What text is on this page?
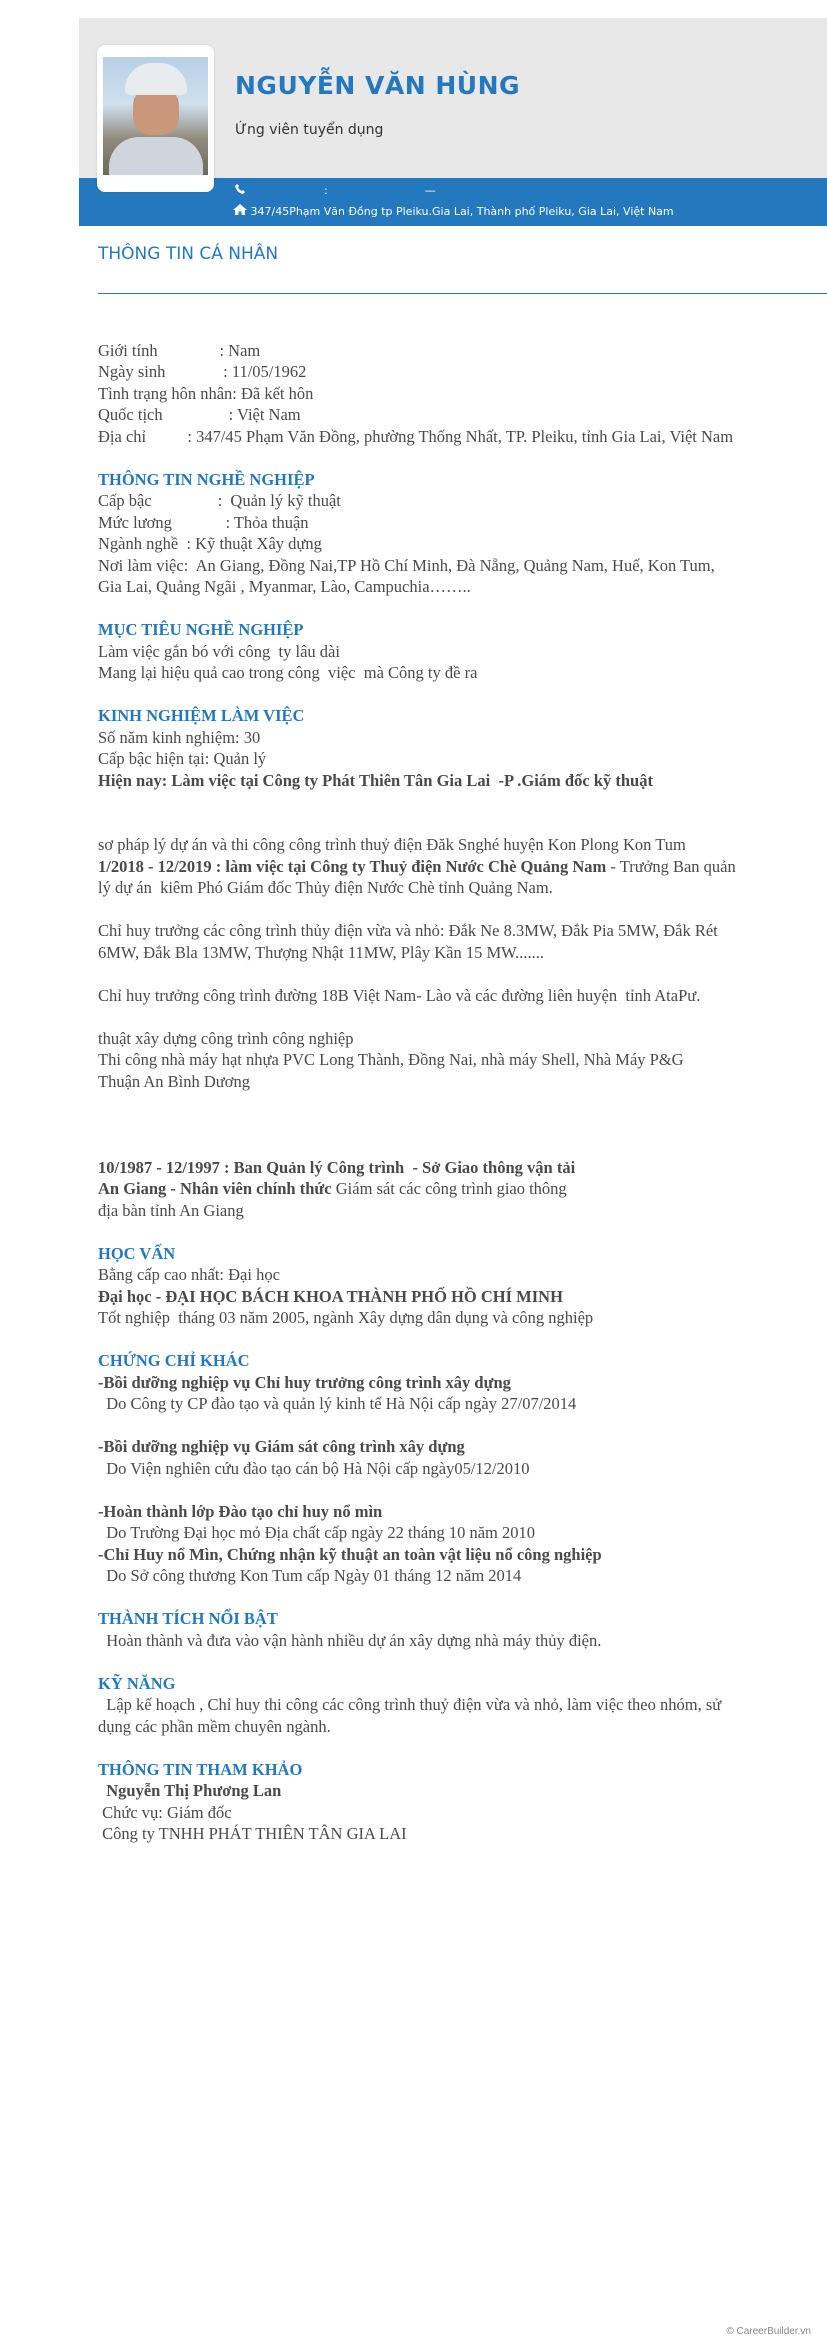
NGUYỄN VĂN HÙNG
Ứng viên tuyển dụng
:	—
347/45Phạm Văn Đồng tp Pleiku.Gia Lai, Thành phố Pleiku, Gia Lai, Việt Nam
THÔNG TIN CÁ NHÂN

Giới tính               : Nam

Ngày sinh              : 11/05/1962

Tình trạng hôn nhân: Đã kết hôn

Quốc tịch                : Việt Nam

Địa chỉ          : 347/45 Phạm Văn Đồng, phường Thống Nhất, TP. Pleiku, tỉnh Gia Lai, Việt Nam

THÔNG TIN NGHỀ NGHIỆP

Cấp bậc                :  Quản lý kỹ thuật

Mức lương             : Thỏa thuận

Ngành nghề  : Kỹ thuật Xây dựng

Nơi làm việc:  An Giang, Đồng Nai,TP Hồ Chí Minh, Đà Nẵng, Quảng Nam, Huế, Kon Tum,

Gia Lai, Quảng Ngãi , Myanmar, Lào, Campuchia……..

MỤC TIÊU NGHỀ NGHIỆP

Làm việc gắn bó với công  ty lâu dài

Mang lại hiệu quả cao trong công  việc  mà Công ty đề ra

KINH NGHIỆM LÀM VIỆC

Số năm kinh nghiệm: 30

Cấp bậc hiện tại: Quản lý

Hiện nay: Làm việc tại Công ty Phát Thiên Tân Gia Lai  -P .Giám đốc kỹ thuật

sơ pháp lý dự án và thi công công trình thuỷ điện Đăk Snghé huyện Kon Plong Kon Tum

1/2018 - 12/2019 : làm việc tại Công ty Thuỷ điện Nước Chè Quảng Nam - Trưởng Ban quản

lý dự án  kiêm Phó Giám đốc Thủy điện Nước Chè tỉnh Quảng Nam.

Chỉ huy trưởng các công trình thủy điện vừa và nhỏ: Đắk Ne 8.3MW, Đắk Pia 5MW, Đắk Rét

6MW, Đắk Bla 13MW, Thượng Nhật 11MW, Plây Kần 15 MW.......

Chỉ huy trưởng công trình đường 18B Việt Nam- Lào và các đường liên huyện  tỉnh AtaPư.

thuật xây dựng công trình công nghiệp

Thi công nhà máy hạt nhựa PVC Long Thành, Đồng Nai, nhà máy Shell, Nhà Máy P&G

Thuận An Bình Dương

10/1987 - 12/1997 : Ban Quản lý Công trình  - Sở Giao thông vận tải

An Giang - Nhân viên chính thức Giám sát các công trình giao thông

địa bàn tỉnh An Giang

HỌC VẤN

Bằng cấp cao nhất: Đại học

Đại học - ĐẠI HỌC BÁCH KHOA THÀNH PHỐ HỒ CHÍ MINH

Tốt nghiệp  tháng 03 năm 2005, ngành Xây dựng dân dụng và công nghiệp

CHỨNG CHỈ KHÁC

-Bồi dưỡng nghiệp vụ Chỉ huy trưởng công trình xây dựng

Do Công ty CP đào tạo và quản lý kinh tế Hà Nội cấp ngày 27/07/2014

-Bồi dưỡng nghiệp vụ Giám sát công trình xây dựng

Do Viện nghiên cứu đào tạo cán bộ Hà Nội cấp ngày05/12/2010

-Hoàn thành lớp Đào tạo chỉ huy nổ mìn

Do Trường Đại học mỏ Địa chất cấp ngày 22 tháng 10 năm 2010

-Chỉ Huy nổ Mìn, Chứng nhận kỹ thuật an toàn vật liệu nổ công nghiệp

Do Sở công thương Kon Tum cấp Ngày 01 tháng 12 năm 2014

THÀNH TÍCH NỔI BẬT

Hoàn thành và đưa vào vận hành nhiều dự án xây dựng nhà máy thủy điện.

KỸ NĂNG

Lập kế hoạch , Chỉ huy thi công các công trình thuỷ điện vừa và nhỏ, làm việc theo nhóm, sử

dụng các phần mềm chuyên ngành.

THÔNG TIN THAM KHẢO

Nguyễn Thị Phương Lan

Chức vụ: Giám đốc

Công ty TNHH PHÁT THIÊN TÂN GIA LAI

© CareerBuilder.vn
